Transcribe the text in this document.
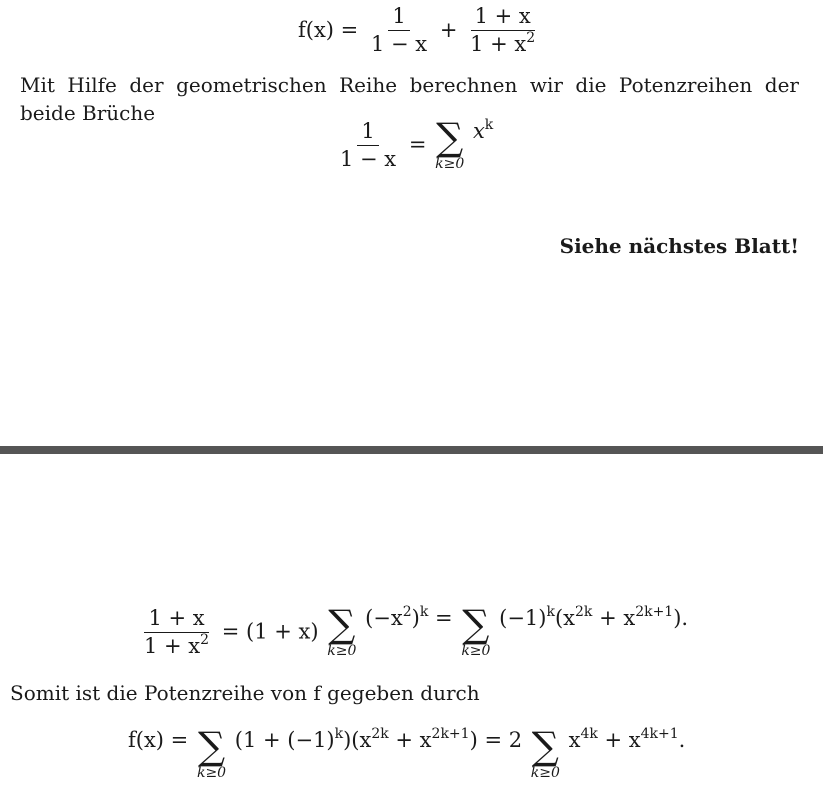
$f(x) = \frac{1}{1 - x} + \frac{1 + x}{1 + x^2}$
Mit Hilfe der geometrischen Reihe berechnen wir die Potenzreihen der beide Brüche
$\frac{1}{1 - x}$ = ∑
k≥0
$x^k$
Siehe nächstes Blatt!
$\frac{1 + x}{1 + x^2} = (1 + x)$ ∑
k≥0
$(-x^2)^k$ = ∑
k≥0
$(-1)^k(x^{2k} + x^{2k+1})$.
Somit ist die Potenzreihe von f gegeben durch
f(x) = ∑
k≥0
$(1 + (-1)^k)(x^{2k} + x^{2k+1}) = 2$ ∑
k≥0
$x^{4k} + x^{4k+1}$.
